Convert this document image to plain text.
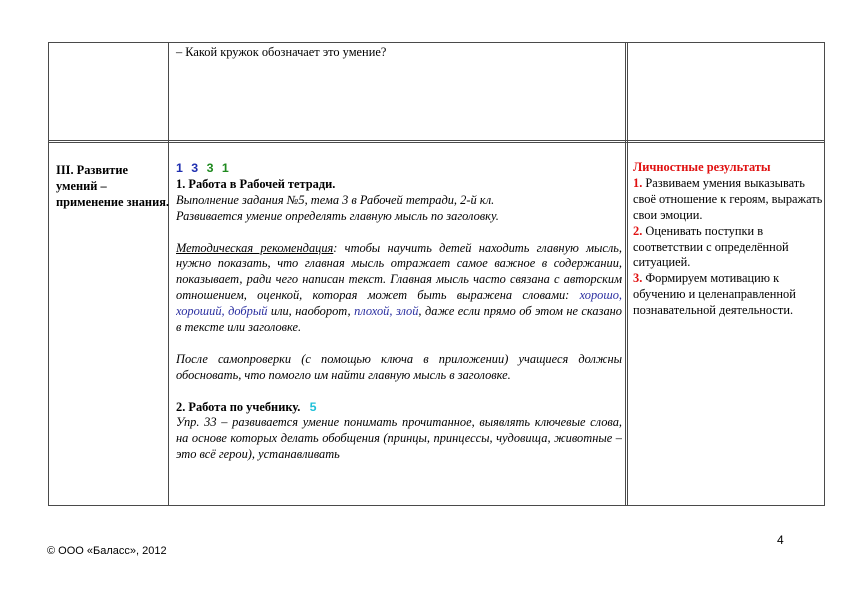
– Какой кружок обозначает это умение?
III. Развитие умений – применение знания.
1 3 3 1
1. Работа в Рабочей тетради.
Выполнение задания №5, тема 3 в Рабочей тетради, 2-й кл.
Развивается умение определять главную мысль по заголовку.
Методическая рекомендация: чтобы научить детей находить главную мысль, нужно показать, что главная мысль отражает самое важное в содержании, показывает, ради чего написан текст. Главная мысль часто связана с авторским отношением, оценкой, которая может быть выражена словами: хорошо, хороший, добрый или, наоборот, плохой, злой, даже если прямо об этом не сказано в тексте или заголовке.
После самопроверки (с помощью ключа в приложении) учащиеся должны обосновать, что помогло им найти главную мысль в заголовке.
2. Работа по учебнику. 5
Упр. 33 – развивается умение понимать прочитанное, выявлять ключевые слова, на основе которых делать обобщения (принцы, принцессы, чудовища, животные – это всё герои), устанавливать
Личностные результаты
1. Развиваем умения выказывать своё отношение к героям, выражать свои эмоции.
2. Оценивать поступки в соответствии с определённой ситуацией.
3. Формируем мотивацию к обучению и целенаправленной познавательной деятельности.
4
© ООО «Баласс», 2012
